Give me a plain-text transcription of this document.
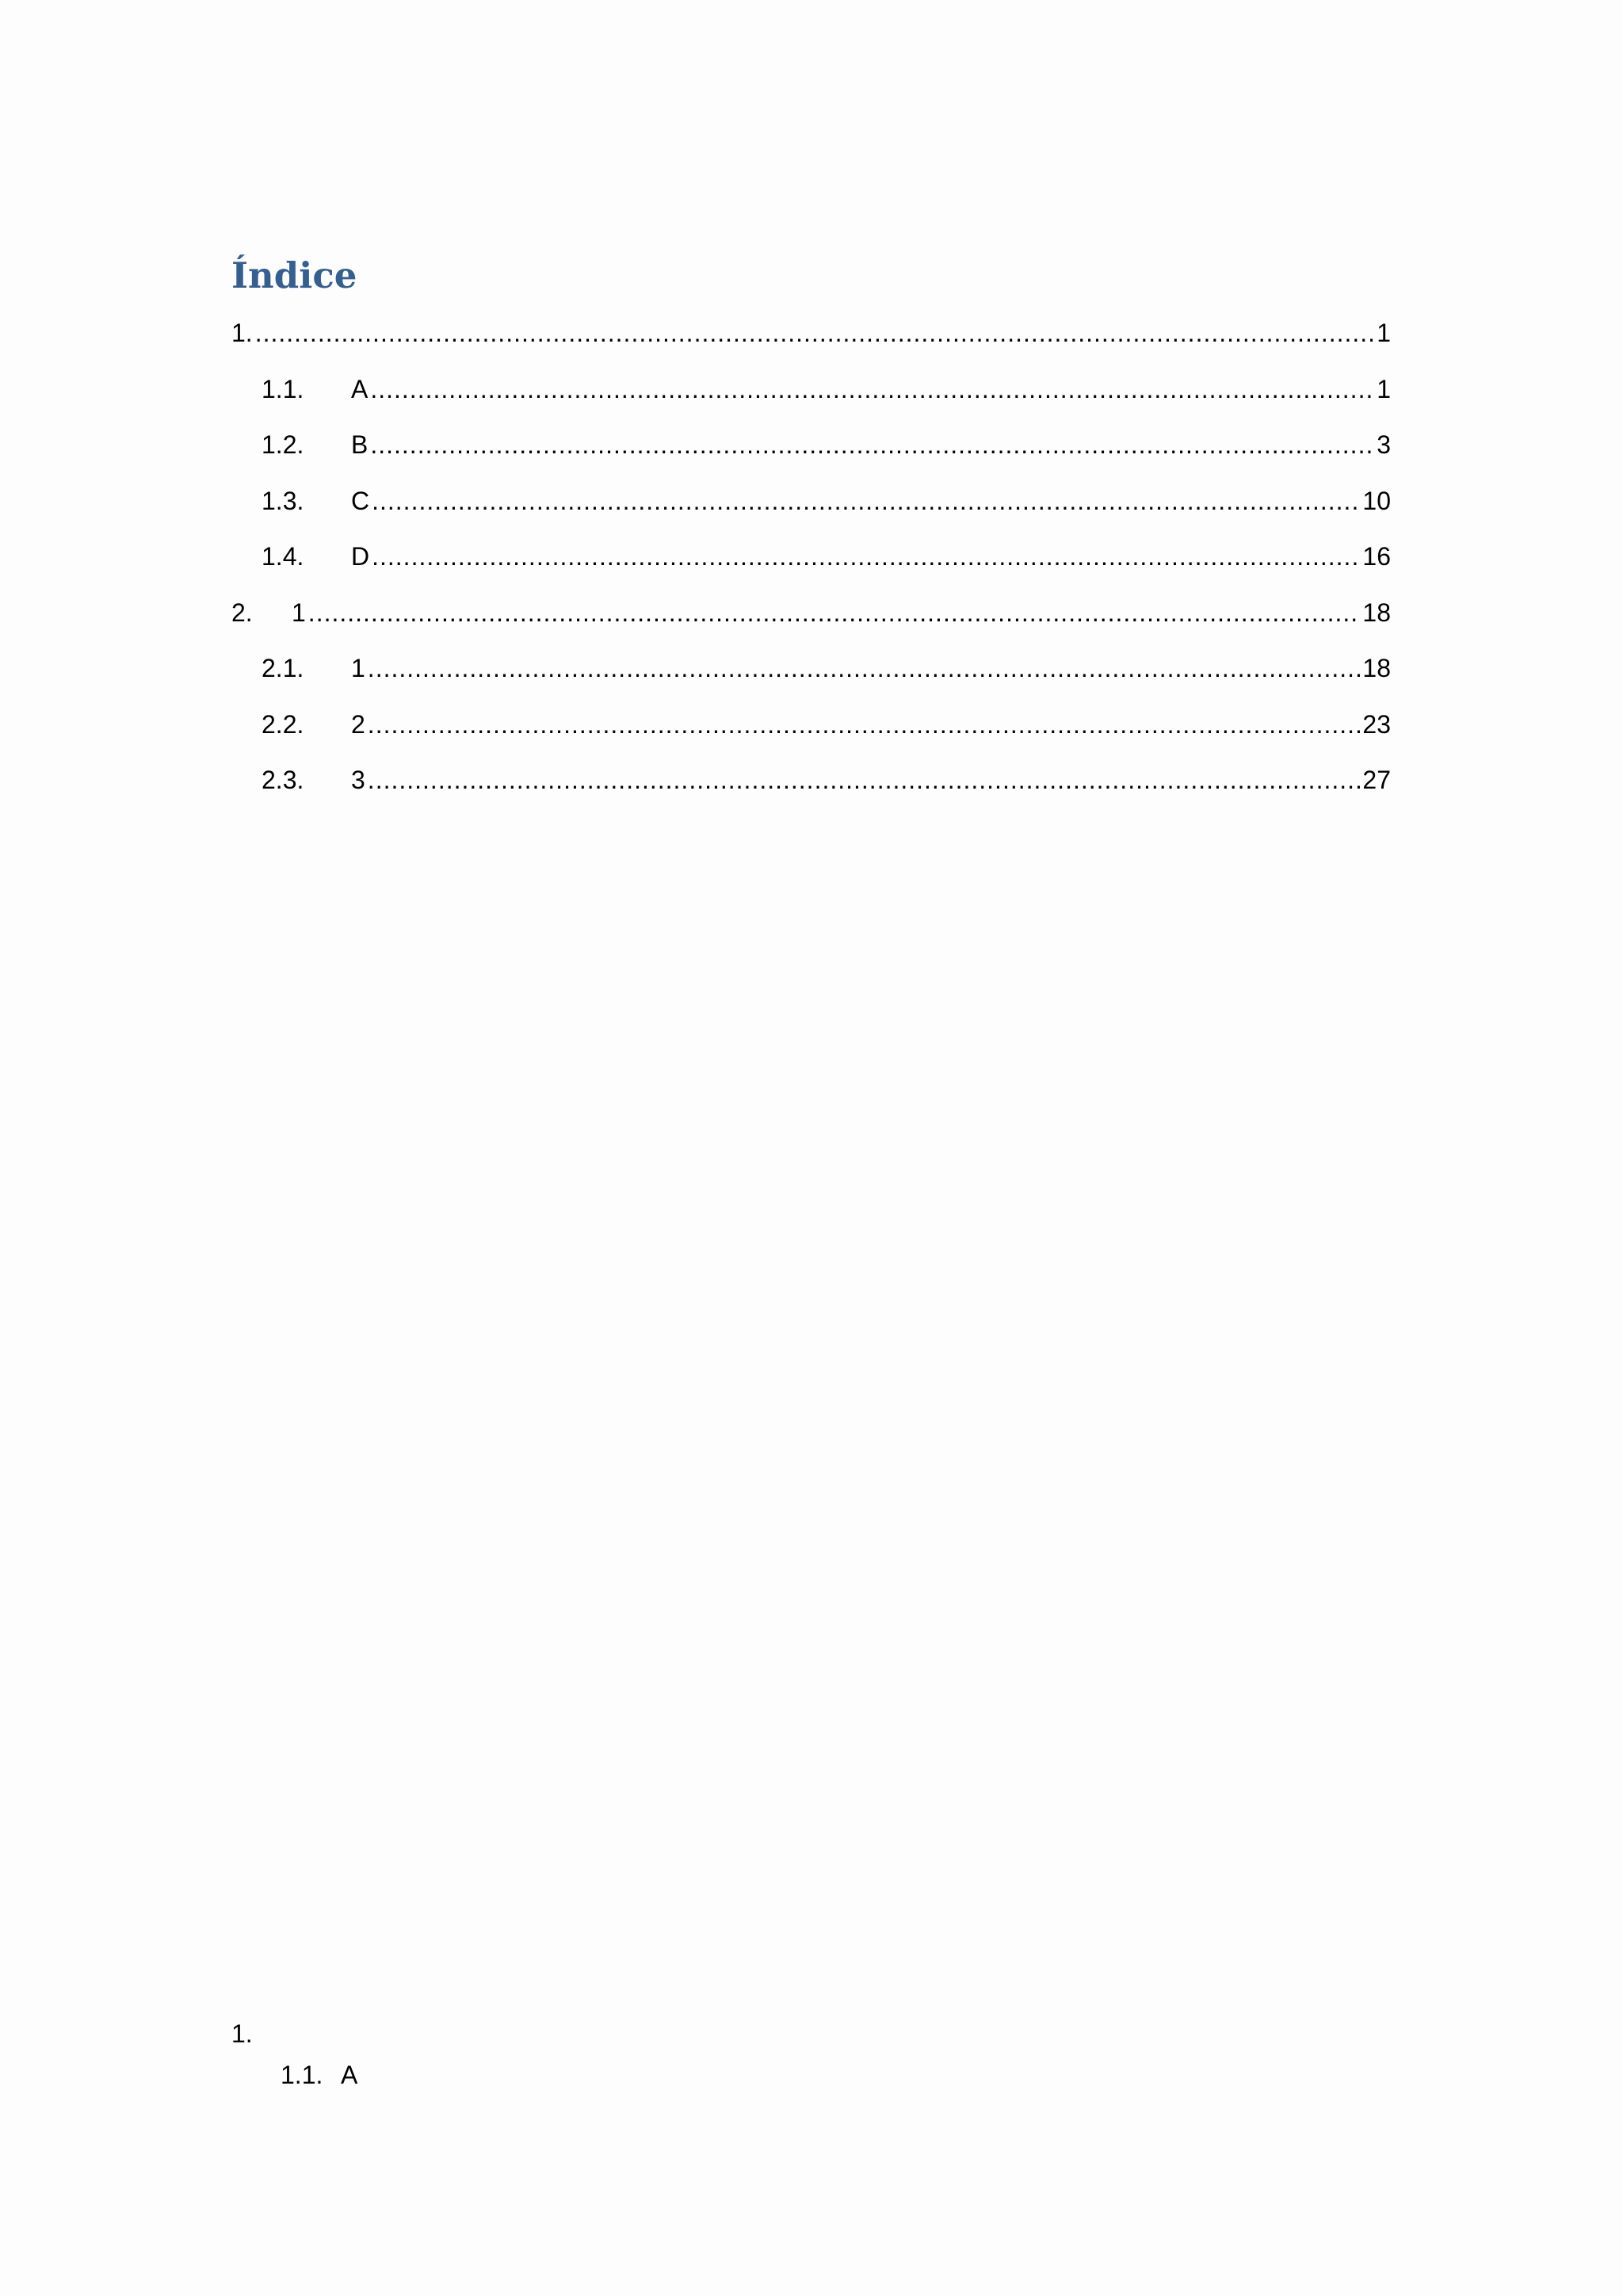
Índice
1. .....	1
1.1.	A .....	1
1.2.	B .....	3
1.3.	C .....	10
1.4.	D .....	16
2.	1 .....	18
2.1.	1 .....	18
2.2.	2 .....	23
2.3.	3 .....	27
1.
1.1. A
